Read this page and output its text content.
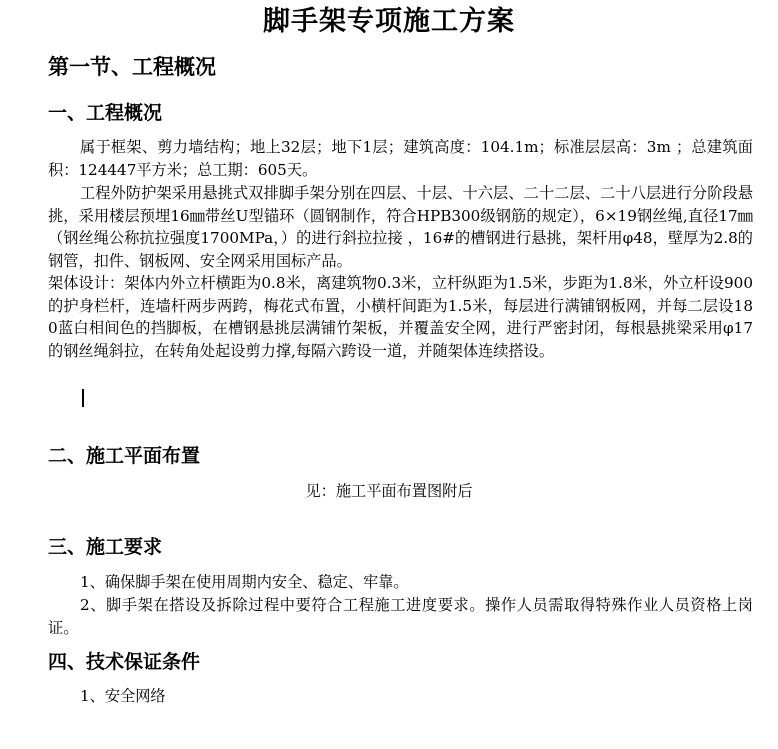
脚手架专项施工方案
第一节、工程概况
一、工程概况
属于框架、剪力墙结构；地上32层；地下1层；建筑高度：104.1m；标准层层高：3m ；总建筑面积：124447平方米；总工期：605天。
工程外防护架采用悬挑式双排脚手架分别在四层、十层、十六层、二十二层、二十八层进行分阶段悬挑，采用楼层预埋16㎜带丝U型锚环（圆钢制作，符合HPB300级钢筋的规定），6×19钢丝绳,直径17㎜（钢丝绳公称抗拉强度1700MPa，）的进行斜拉拉接 ，16#的槽钢进行悬挑，架杆用φ48，壁厚为2.8的钢管，扣件、钢板网、安全网采用国标产品。
架体设计：架体内外立杆横距为0.8米，离建筑物0.3米，立杆纵距为1.5米，步距为1.8米，外立杆设900的护身栏杆，连墙杆两步两跨，梅花式布置，小横杆间距为1.5米，每层进行满铺钢板网，并每二层设180蓝白相间色的挡脚板，在槽钢悬挑层满铺竹架板，并覆盖安全网，进行严密封闭，每根悬挑梁采用φ17的钢丝绳斜拉，在转角处起设剪力撑,每隔六跨设一道，并随架体连续搭设。
二、施工平面布置
见：施工平面布置图附后
三、施工要求
1、确保脚手架在使用周期内安全、稳定、牢靠。
2、脚手架在搭设及拆除过程中要符合工程施工进度要求。操作人员需取得特殊作业人员资格上岗证。
四、技术保证条件
1、安全网络
